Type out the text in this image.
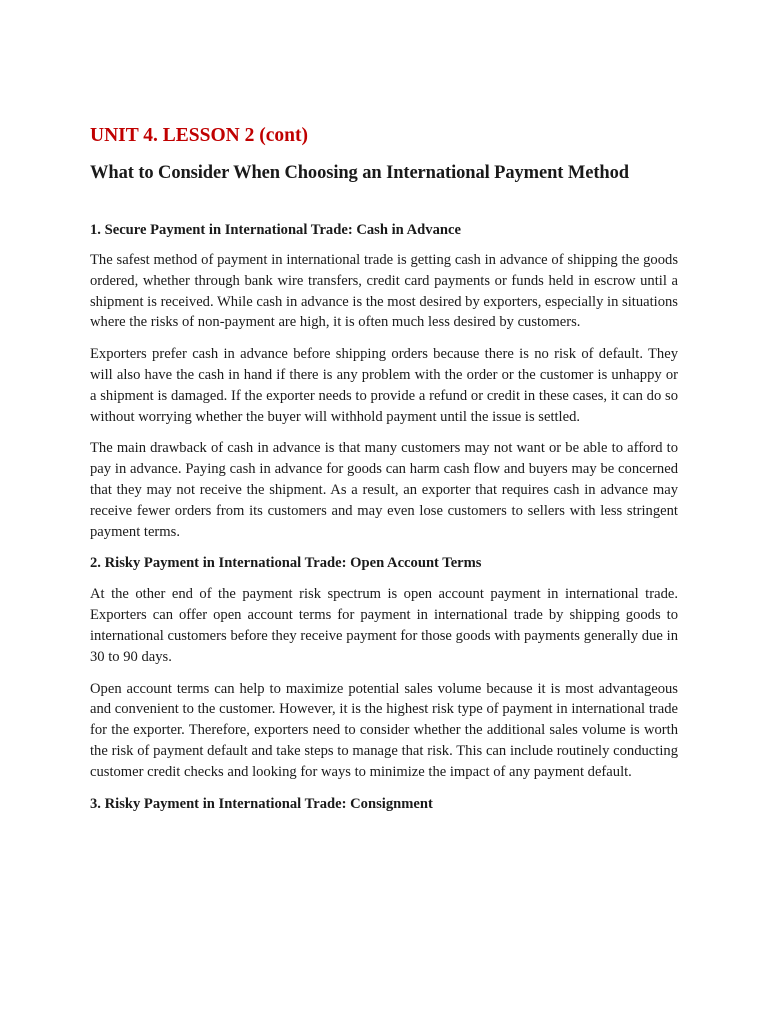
UNIT 4. LESSON 2 (cont)
What to Consider When Choosing an International Payment Method
1. Secure Payment in International Trade: Cash in Advance

The safest method of payment in international trade is getting cash in advance of shipping the goods ordered, whether through bank wire transfers, credit card payments or funds held in escrow until a shipment is received. While cash in advance is the most desired by exporters, especially in situations where the risks of non-payment are high, it is often much less desired by customers.

Exporters prefer cash in advance before shipping orders because there is no risk of default. They will also have the cash in hand if there is any problem with the order or the customer is unhappy or a shipment is damaged. If the exporter needs to provide a refund or credit in these cases, it can do so without worrying whether the buyer will withhold payment until the issue is settled.

The main drawback of cash in advance is that many customers may not want or be able to afford to pay in advance. Paying cash in advance for goods can harm cash flow and buyers may be concerned that they may not receive the shipment. As a result, an exporter that requires cash in advance may receive fewer orders from its customers and may even lose customers to sellers with less stringent payment terms.

2. Risky Payment in International Trade: Open Account Terms

At the other end of the payment risk spectrum is open account payment in international trade. Exporters can offer open account terms for payment in international trade by shipping goods to international customers before they receive payment for those goods with payments generally due in 30 to 90 days.

Open account terms can help to maximize potential sales volume because it is most advantageous and convenient to the customer. However, it is the highest risk type of payment in international trade for the exporter. Therefore, exporters need to consider whether the additional sales volume is worth the risk of payment default and take steps to manage that risk. This can include routinely conducting customer credit checks and looking for ways to minimize the impact of any payment default.

3. Risky Payment in International Trade: Consignment
